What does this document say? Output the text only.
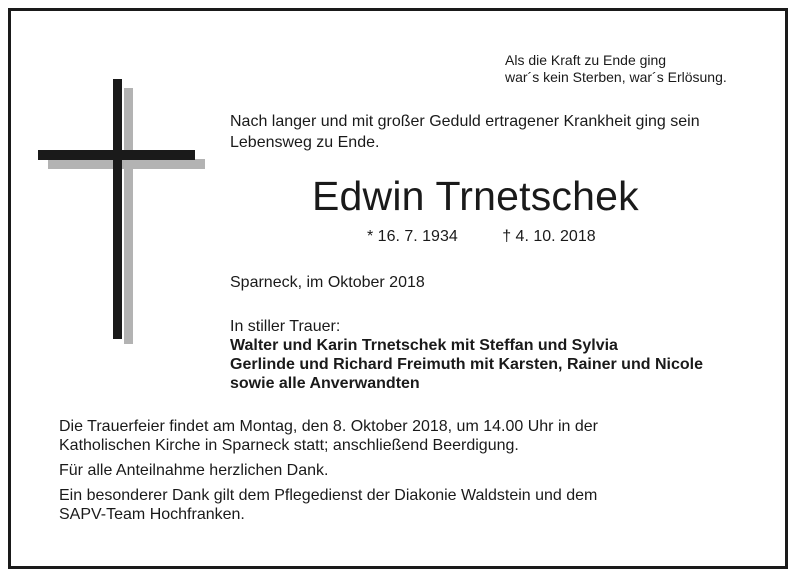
Als die Kraft zu Ende ging
war´s kein Sterben, war´s Erlösung.
Nach langer und mit großer Geduld ertragener Krankheit ging sein
Lebensweg zu Ende.
Edwin Trnetschek
* 16. 7. 1934	† 4. 10. 2018
Sparneck, im Oktober 2018
In stiller Trauer:
Walter und Karin Trnetschek mit Steffan und Sylvia
Gerlinde und Richard Freimuth mit Karsten, Rainer und Nicole
sowie alle Anverwandten
Die Trauerfeier findet am Montag, den 8. Oktober 2018, um 14.00 Uhr in der
Katholischen Kirche in Sparneck statt; anschließend Beerdigung.
Für alle Anteilnahme herzlichen Dank.
Ein besonderer Dank gilt dem Pflegedienst der Diakonie Waldstein und dem
SAPV-Team Hochfranken.
